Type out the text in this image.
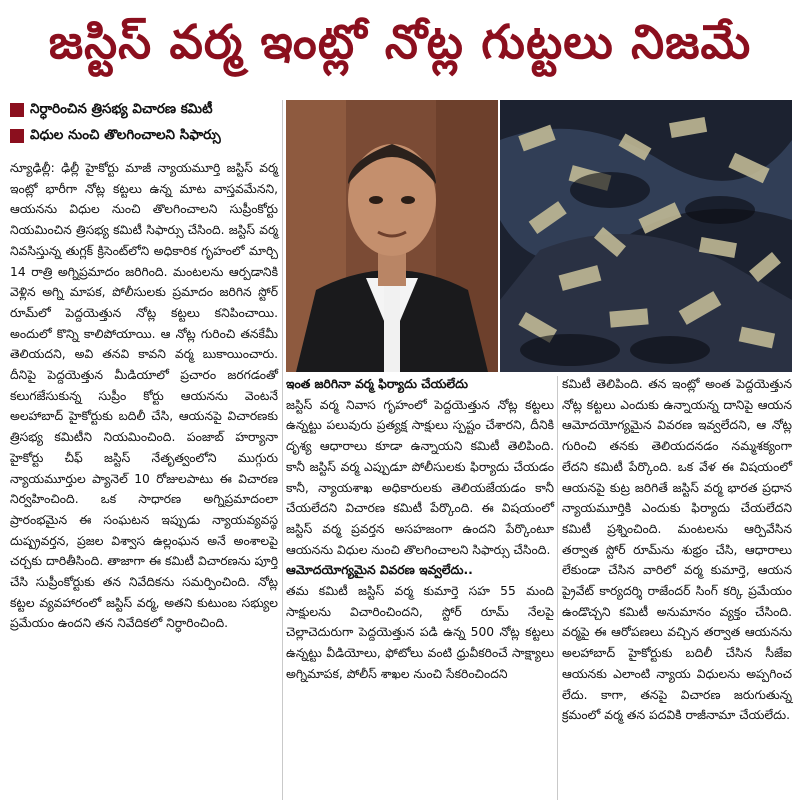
జస్టిస్ వర్మ ఇంట్లో నోట్ల గుట్టలు నిజమే
నిర్ధారించిన త్రిసభ్య విచారణ కమిటీ
విధుల నుంచి తొలగించాలని సిఫార్సు

న్యూఢిల్లీ: ఢిల్లీ హైకోర్టు మాజీ న్యాయమూర్తి జస్టిస్ వర్మ ఇంట్లో భారీగా నోట్ల కట్టలు ఉన్న మాట వాస్తవమేనని, ఆయనను విధుల నుంచి తొలగించాలని సుప్రీంకోర్టు నియమించిన త్రిసభ్య కమిటీ సిఫార్సు చేసింది. జస్టిస్ వర్మ నివసిస్తున్న తుగ్లక్ క్రిసెంట్‌లోని అధికారిక గృహంలో మార్చి 14 రాత్రి అగ్నిప్రమాదం జరిగింది. మంటలను ఆర్పడానికి వెళ్లిన అగ్ని మాపక, పోలీసులకు ప్రమాదం జరిగిన స్టోర్ రూమ్‌లో పెద్దయెత్తున నోట్ల కట్టలు కనిపించాయి. అందులో కొన్ని కాలిపోయాయి. ఆ నోట్ల గురించి తనకేమీ తెలియదని, అవి తనవి కావని వర్మ బుకాయించారు. దీనిపై పెద్దయెత్తున మీడియాలో ప్రచారం జరగడంతో కలుగజేసుకున్న సుప్రీం కోర్టు ఆయనను వెంటనే అలహాబాద్ హైకోర్టుకు బదిలీ చేసి, ఆయనపై విచారణకు త్రిసభ్య కమిటీని నియమించింది. పంజాబ్ హర్యానా హైకోర్టు చీఫ్ జస్టిస్ నేతృత్వంలోని ముగ్గురు న్యాయమూర్తుల ప్యానెల్ 10 రోజులపాటు ఈ విచారణ నిర్వహించింది. ఒక సాధారణ అగ్నిప్రమాదంలా ప్రారంభమైన ఈ సంఘటన ఇప్పుడు న్యాయవ్యవస్థ దుష్ప్రవర్తన, ప్రజల విశ్వాస ఉల్లంఘన అనే అంశాలపై చర్చకు దారితీసింది. తాజాగా ఈ కమిటీ విచారణను పూర్తి చేసి సుప్రీంకోర్టుకు తన నివేదికను సమర్పించింది. నోట్ల కట్టల వ్యవహారంలో జస్టిస్ వర్మ, అతని కుటుంబ సభ్యుల ప్రమేయం ఉందని తన నివేదికలో నిర్ధారించింది.

ఇంత జరిగినా వర్మ ఫిర్యాదు చేయలేదు

జస్టిస్ వర్మ నివాస గృహంలో పెద్దయెత్తున నోట్ల కట్టలు ఉన్నట్టు పలువురు ప్రత్యక్ష సాక్షులు స్పష్టం చేశారని, దీనికి దృశ్య ఆధారాలు కూడా ఉన్నాయని కమిటీ తెలిపింది. కానీ జస్టిస్ వర్మ ఎప్పుడూ పోలీసులకు ఫిర్యాదు చేయడం కానీ, న్యాయశాఖ అధికారులకు తెలియజేయడం కానీ చేయలేదని విచారణ కమిటీ పేర్కొంది. ఈ విషయంలో జస్టిస్ వర్మ ప్రవర్తన అసహజంగా ఉందని పేర్కొంటూ ఆయనను విధుల నుంచి తొలగించాలని సిఫార్సు చేసింది.

ఆమోదయోగ్యమైన వివరణ ఇవ్వలేదు..

తమ కమిటీ జస్టిస్ వర్మ కుమార్తె సహ 55 మంది సాక్షులను విచారించిందని, స్టోర్ రూమ్ నేలపై చెల్లాచెదురుగా పెద్దయెత్తున పడి ఉన్న 500 నోట్ల కట్టలు ఉన్నట్టు వీడియోలు, ఫోటోలు వంటి ధ్రువీకరించే సాక్ష్యాలు అగ్నిమాపక, పోలీస్ శాఖల నుంచి సేకరించిందని

కమిటీ తెలిపింది. తన ఇంట్లో అంత పెద్దయెత్తున నోట్ల కట్టలు ఎందుకు ఉన్నాయన్న దానిపై ఆయన ఆమోదయోగ్యమైన వివరణ ఇవ్వలేదని, ఆ నోట్ల గురించి తనకు తెలియదనడం నమ్మశక్యంగా లేదని కమిటీ పేర్కొంది. ఒక వేళ ఈ విషయంలో ఆయనపై కుట్ర జరిగితే జస్టిస్ వర్మ భారత ప్రధాన న్యాయమూర్తికి ఎందుకు ఫిర్యాదు చేయలేదని కమిటీ ప్రశ్నించింది. మంటలను ఆర్పివేసిన తర్వాత స్టోర్ రూమ్‌ను శుభ్రం చేసి, ఆధారాలు లేకుండా చేసిన వారిలో వర్మ కుమార్తె, ఆయన ప్రైవేట్ కార్యదర్శి రాజేందర్ సింగ్ కర్కి ప్రమేయం ఉండొచ్చని కమిటీ అనుమానం వ్యక్తం చేసింది. వర్మపై ఈ ఆరోపణలు వచ్చిన తర్వాత ఆయనను అలహాబాద్ హైకోర్టుకు బదిలీ చేసిన సీజేఐ ఆయనకు ఎలాంటి న్యాయ విధులను అప్పగించ లేదు. కాగా, తనపై విచారణ జరుగుతున్న క్రమంలో వర్మ తన పదవికి రాజీనామా చేయలేదు.
